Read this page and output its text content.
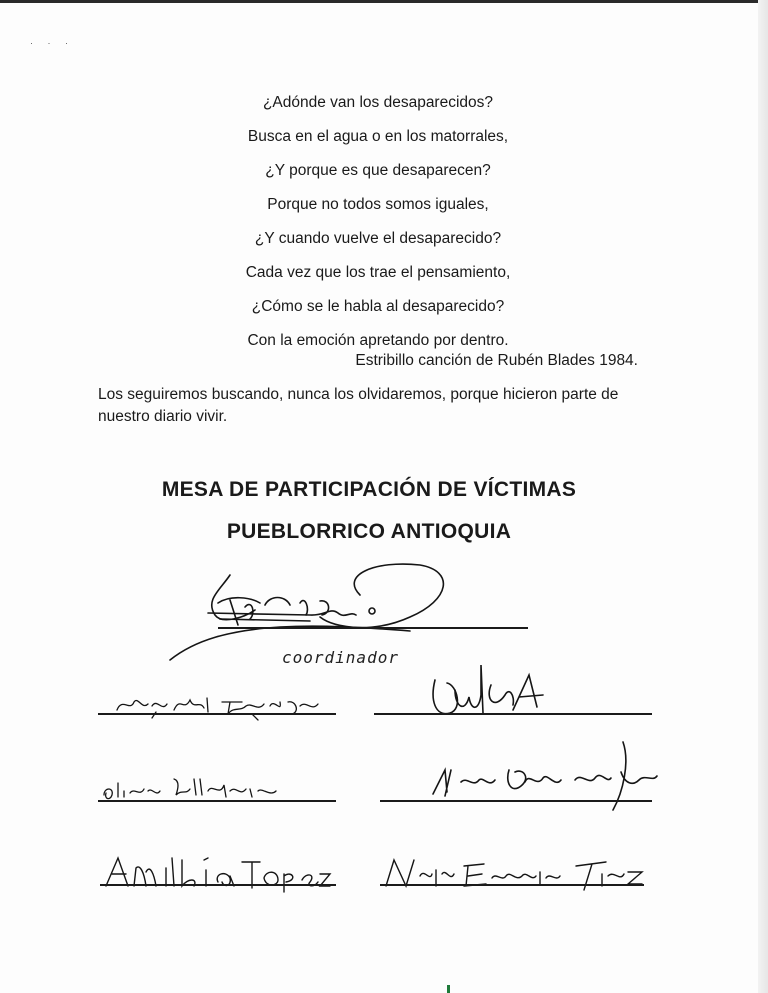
· · ·
¿Adónde van los desaparecidos?
Busca en el agua o en los matorrales,
¿Y porque es que desaparecen?
Porque no todos somos iguales,
¿Y cuando vuelve el desaparecido?
Cada vez que los trae el pensamiento,
¿Cómo se le habla al desaparecido?
Con la emoción apretando por dentro.
Estribillo canción de Rubén Blades 1984.
Los seguiremos buscando, nunca los olvidaremos, porque hicieron parte de nuestro diario vivir.
MESA DE PARTICIPACIÓN DE VÍCTIMAS
PUEBLORRICO ANTIOQUIA
coordinador
